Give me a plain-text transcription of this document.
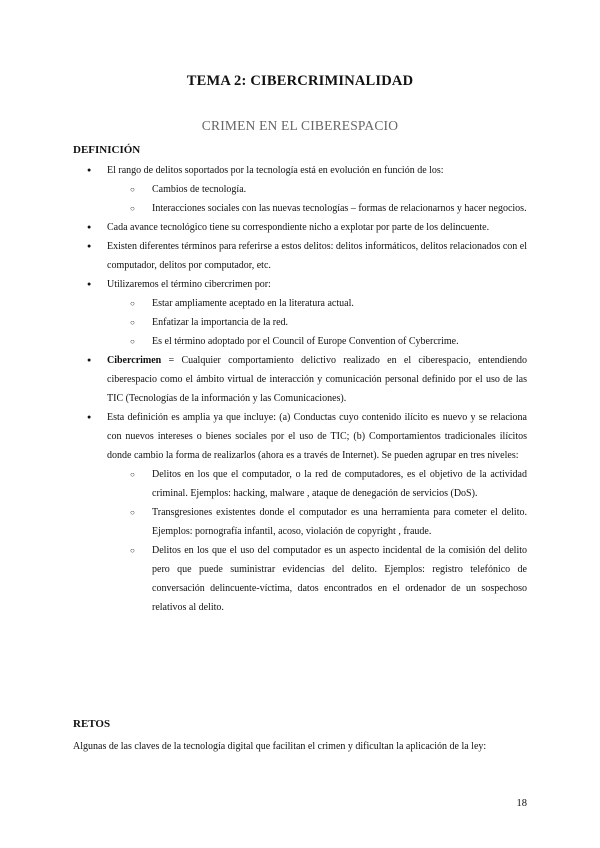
TEMA 2: CIBERCRIMINALIDAD
CRIMEN EN EL CIBERESPACIO
DEFINICIÓN
● El rango de delitos soportados por la tecnología está en evolución en función de los:
○ Cambios de tecnología.
○ Interacciones sociales con las nuevas tecnologías – formas de relacionarnos y hacer negocios.
● Cada avance tecnológico tiene su correspondiente nicho a explotar por parte de los delincuente.
● Existen diferentes términos para referirse a estos delitos: delitos informáticos, delitos relacionados con el computador, delitos por computador, etc.
● Utilizaremos el término cibercrimen por:
○ Estar ampliamente aceptado en la literatura actual.
○ Enfatizar la importancia de la red.
○ Es el término adoptado por el Council of Europe Convention of Cybercrime.
● Cibercrimen = Cualquier comportamiento delictivo realizado en el ciberespacio, entendiendo ciberespacio como el ámbito virtual de interacción y comunicación personal definido por el uso de las TIC (Tecnologías de la información y las Comunicaciones).
● Esta definición es amplia ya que incluye: (a) Conductas cuyo contenido ilícito es nuevo y se relaciona con nuevos intereses o bienes sociales por el uso de TIC; (b) Comportamientos tradicionales ilícitos donde cambio la forma de realizarlos (ahora es a través de Internet). Se pueden agrupar en tres niveles:
○ Delitos en los que el computador, o la red de computadores, es el objetivo de la actividad criminal. Ejemplos: hacking, malware , ataque de denegación de servicios (DoS).
○ Transgresiones existentes donde el computador es una herramienta para cometer el delito. Ejemplos: pornografía infantil, acoso, violación de copyright , fraude.
○ Delitos en los que el uso del computador es un aspecto incidental de la comisión del delito pero que puede suministrar evidencias del delito. Ejemplos: registro telefónico de conversación delincuente-víctima, datos encontrados en el ordenador de un sospechoso relativos al delito.
RETOS
Algunas de las claves de la tecnología digital que facilitan el crimen y dificultan la aplicación de la ley:
18
